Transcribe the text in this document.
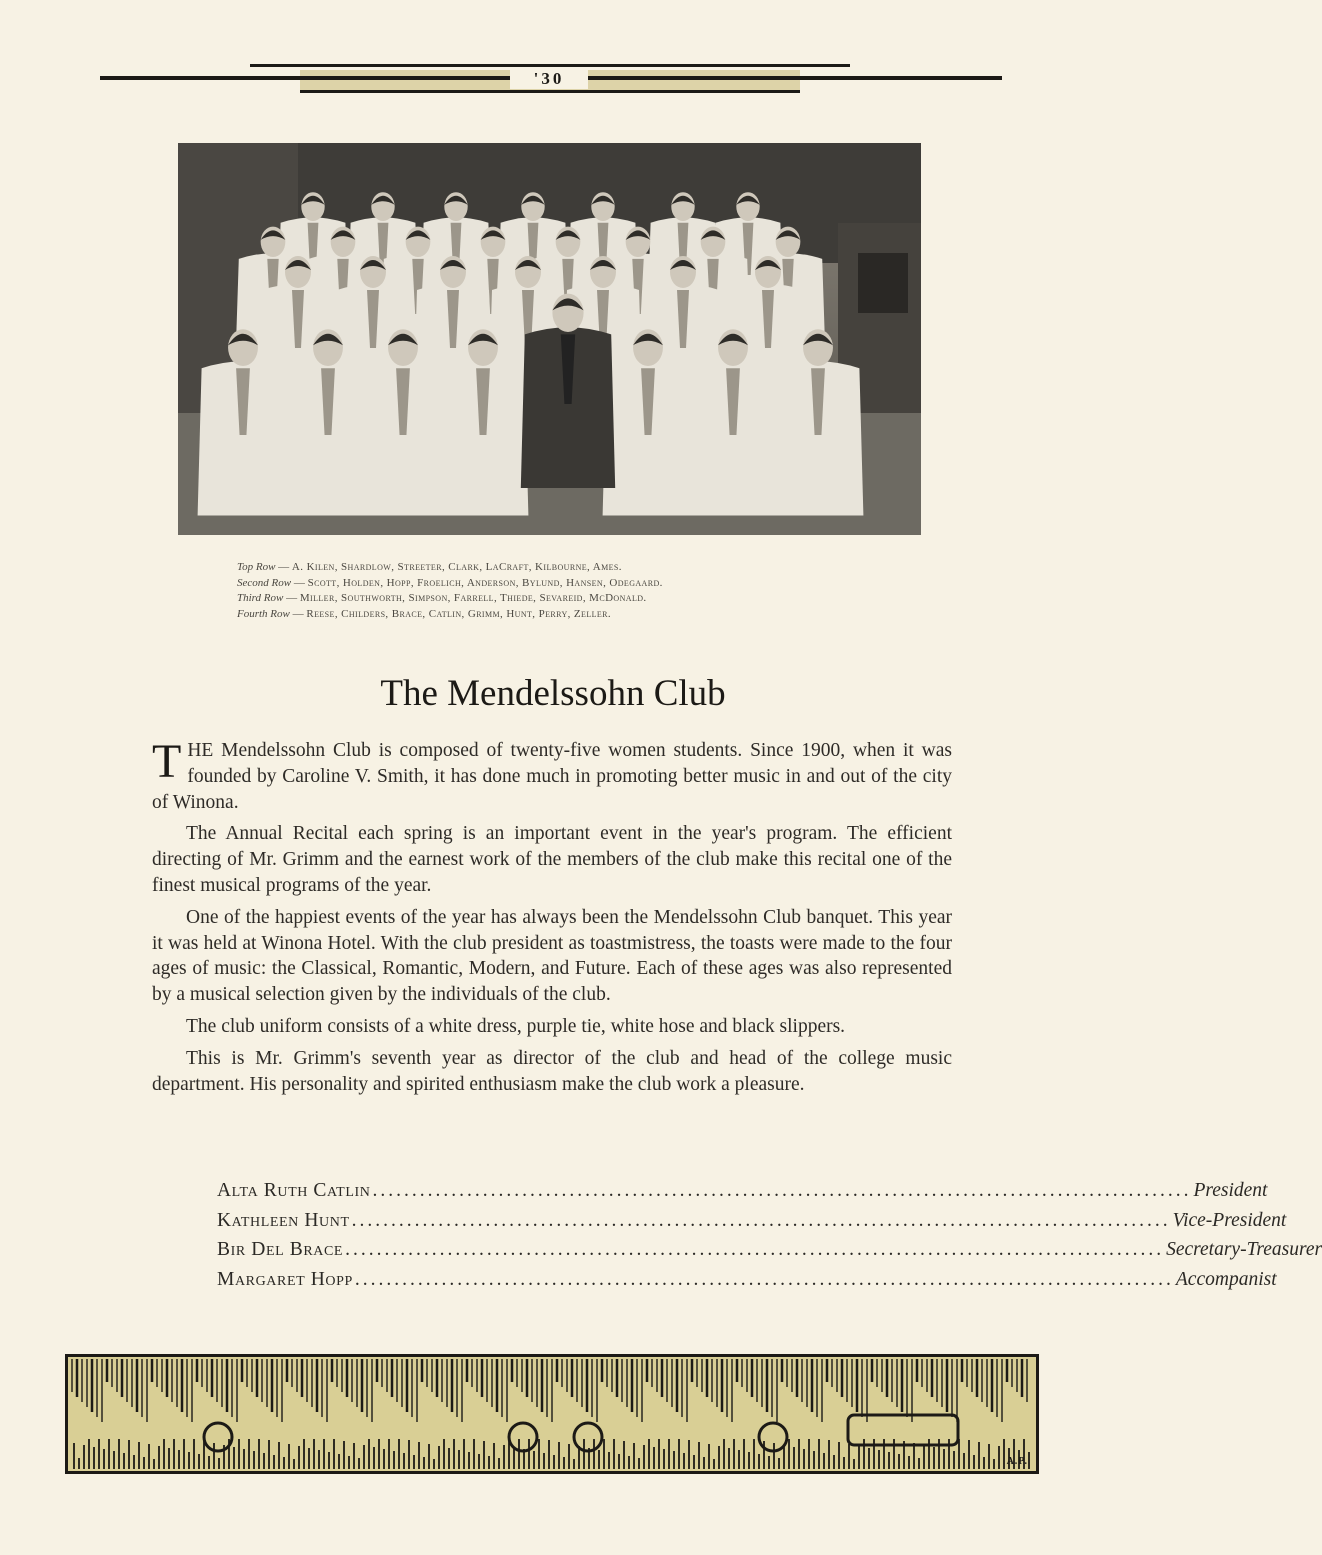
'30
Top Row — A. Kilen, Shardlow, Streeter, Clark, LaCraft, Kilbourne, Ames.
Second Row — Scott, Holden, Hopp, Froelich, Anderson, Bylund, Hansen, Odegaard.
Third Row — Miller, Southworth, Simpson, Farrell, Thiede, Sevareid, McDonald.
Fourth Row — Reese, Childers, Brace, Catlin, Grimm, Hunt, Perry, Zeller.
The Mendelssohn Club

THE Mendelssohn Club is composed of twenty-five women students. Since 1900, when it was founded by Caroline V. Smith, it has done much in promoting better music in and out of the city of Winona.

The Annual Recital each spring is an important event in the year's program. The efficient directing of Mr. Grimm and the earnest work of the members of the club make this recital one of the finest musical programs of the year.

One of the happiest events of the year has always been the Mendelssohn Club banquet. This year it was held at Winona Hotel. With the club president as toastmistress, the toasts were made to the four ages of music: the Classical, Romantic, Modern, and Future. Each of these ages was also represented by a musical selection given by the individuals of the club.

The club uniform consists of a white dress, purple tie, white hose and black slippers.

This is Mr. Grimm's seventh year as director of the club and head of the college music department. His personality and spirited enthusiasm make the club work a pleasure.

Alta Ruth Catlin ........................................................................................................ President
Kathleen Hunt ........................................................................................................ Vice-President
Bir Del Brace ........................................................................................................ Secretary-Treasurer
Margaret Hopp ........................................................................................................ Accompanist
A.P.
